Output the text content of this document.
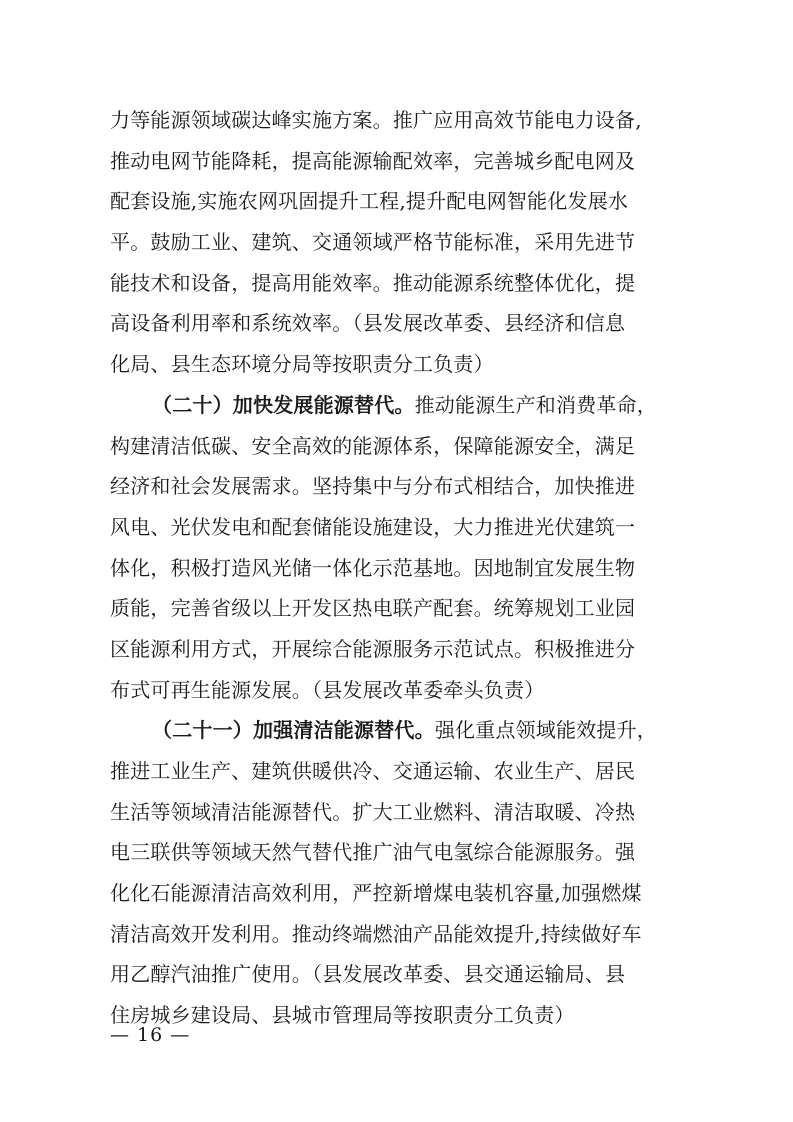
力等能源领域碳达峰实施方案。推广应用高效节能电力设备,
推动电网节能降耗，提高能源输配效率，完善城乡配电网及
配套设施,实施农网巩固提升工程,提升配电网智能化发展水
平。鼓励工业、建筑、交通领域严格节能标准，采用先进节
能技术和设备，提高用能效率。推动能源系统整体优化，提
高设备利用率和系统效率。（县发展改革委、县经济和信息
化局、县生态环境分局等按职责分工负责）
（二十）加快发展能源替代。推动能源生产和消费革命，
构建清洁低碳、安全高效的能源体系，保障能源安全，满足
经济和社会发展需求。坚持集中与分布式相结合，加快推进
风电、光伏发电和配套储能设施建设，大力推进光伏建筑一
体化，积极打造风光储一体化示范基地。因地制宜发展生物
质能，完善省级以上开发区热电联产配套。统筹规划工业园
区能源利用方式，开展综合能源服务示范试点。积极推进分
布式可再生能源发展。（县发展改革委牵头负责）
（二十一）加强清洁能源替代。强化重点领域能效提升，
推进工业生产、建筑供暖供冷、交通运输、农业生产、居民
生活等领域清洁能源替代。扩大工业燃料、清洁取暖、冷热
电三联供等领域天然气替代推广油气电氢综合能源服务。强
化化石能源清洁高效利用，严控新增煤电装机容量,加强燃煤
清洁高效开发利用。推动终端燃油产品能效提升,持续做好车
用乙醇汽油推广使用。（县发展改革委、县交通运输局、县
住房城乡建设局、县城市管理局等按职责分工负责）
— 16 —
